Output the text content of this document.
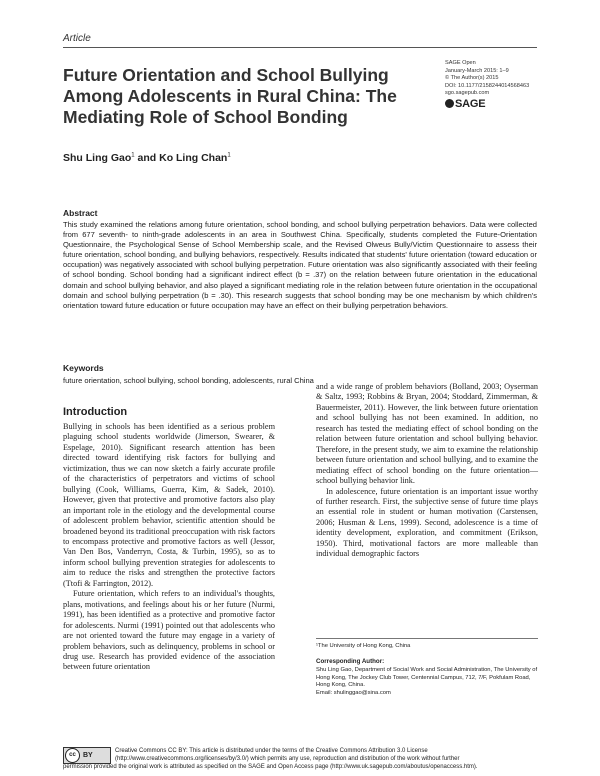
Article
Future Orientation and School Bullying Among Adolescents in Rural China: The Mediating Role of School Bonding
SAGE Open
January-March 2015: 1–9
© The Author(s) 2015
DOI: 10.1177/2158244014568463
sgo.sagepub.com
SAGE
Shu Ling Gao$^1$ and Ko Ling Chan$^1$
Abstract
This study examined the relations among future orientation, school bonding, and school bullying perpetration behaviors. Data were collected from 677 seventh- to ninth-grade adolescents in an area in Southwest China. Specifically, students completed the Future-Orientation Questionnaire, the Psychological Sense of School Membership scale, and the Revised Olweus Bully/Victim Questionnaire to assess their future orientation, school bonding, and bullying behaviors, respectively. Results indicated that students' future orientation (toward education or occupation) was negatively associated with school bullying perpetration. Future orientation was also significantly associated with their feeling of school bonding. School bonding had a significant indirect effect (b = .37) on the relation between future orientation in the educational domain and school bullying behavior, and also played a significant mediating role in the relation between future orientation in the occupational domain and school bullying perpetration (b = .30). This research suggests that school bonding may be one mechanism by which children's orientation toward future education or future occupation may have an effect on their bullying perpetration behaviors.
Keywords
future orientation, school bullying, school bonding, adolescents, rural China
Introduction

Bullying in schools has been identified as a serious problem plaguing school students worldwide (Jimerson, Swearer, & Espelage, 2010). Significant research attention has been directed toward identifying risk factors for bullying and victimization, thus we can now sketch a fairly accurate profile of the characteristics of perpetrators and victims of school bullying (Cook, Williams, Guerra, Kim, & Sadek, 2010). However, given that protective and promotive factors also play an important role in the etiology and the developmental course of adolescent problem behavior, scientific attention should be broadened beyond its traditional preoccupation with risk factors to encompass protective and promotive factors as well (Jessor, Van Den Bos, Vanderryn, Costa, & Turbin, 1995), so as to inform school bullying prevention strategies for adolescents to aim to reduce the risks and strengthen the protective factors (Ttofi & Farrington, 2012).

Future orientation, which refers to an individual's thoughts, plans, motivations, and feelings about his or her future (Nurmi, 1991), has been identified as a protective and promotive factor for adolescents. Nurmi (1991) pointed out that adolescents who are not oriented toward the future may engage in a variety of problem behaviors, such as delinquency, problems in school or drug use. Research has provided evidence of the association between future orientation

and a wide range of problem behaviors (Bolland, 2003; Oyserman & Saltz, 1993; Robbins & Bryan, 2004; Stoddard, Zimmerman, & Bauermeister, 2011). However, the link between future orientation and school bullying has not been examined. In addition, no research has tested the mediating effect of school bonding on the relation between future orientation and school bullying behavior. Therefore, in the present study, we aim to examine the relationship between future orientation and school bullying, and to examine the mediating effect of school bonding on the future orientation—school bullying behavior link.

In adolescence, future orientation is an important issue worthy of further research. First, the subjective sense of future time plays an essential role in student or human motivation (Carstensen, 2006; Husman & Lens, 1999). Second, adolescence is a time of identity development, exploration, and commitment (Erikson, 1950). Third, motivational factors are more malleable than individual demographic factors

¹The University of Hong Kong, China
Corresponding Author:
Shu Ling Gao, Department of Social Work and Social Administration, The University of Hong Kong, The Jockey Club Tower, Centennial Campus, 712, 7/F, Pokfulam Road, Hong Kong, China.
Email: shulinggao@sina.com
cc	BY
Creative Commons CC BY: This article is distributed under the terms of the Creative Commons Attribution 3.0 License (http://www.creativecommons.org/licenses/by/3.0/) which permits any use, reproduction and distribution of the work without further
permission provided the original work is attributed as specified on the SAGE and Open Access page (http://www.uk.sagepub.com/aboutus/openaccess.htm).
